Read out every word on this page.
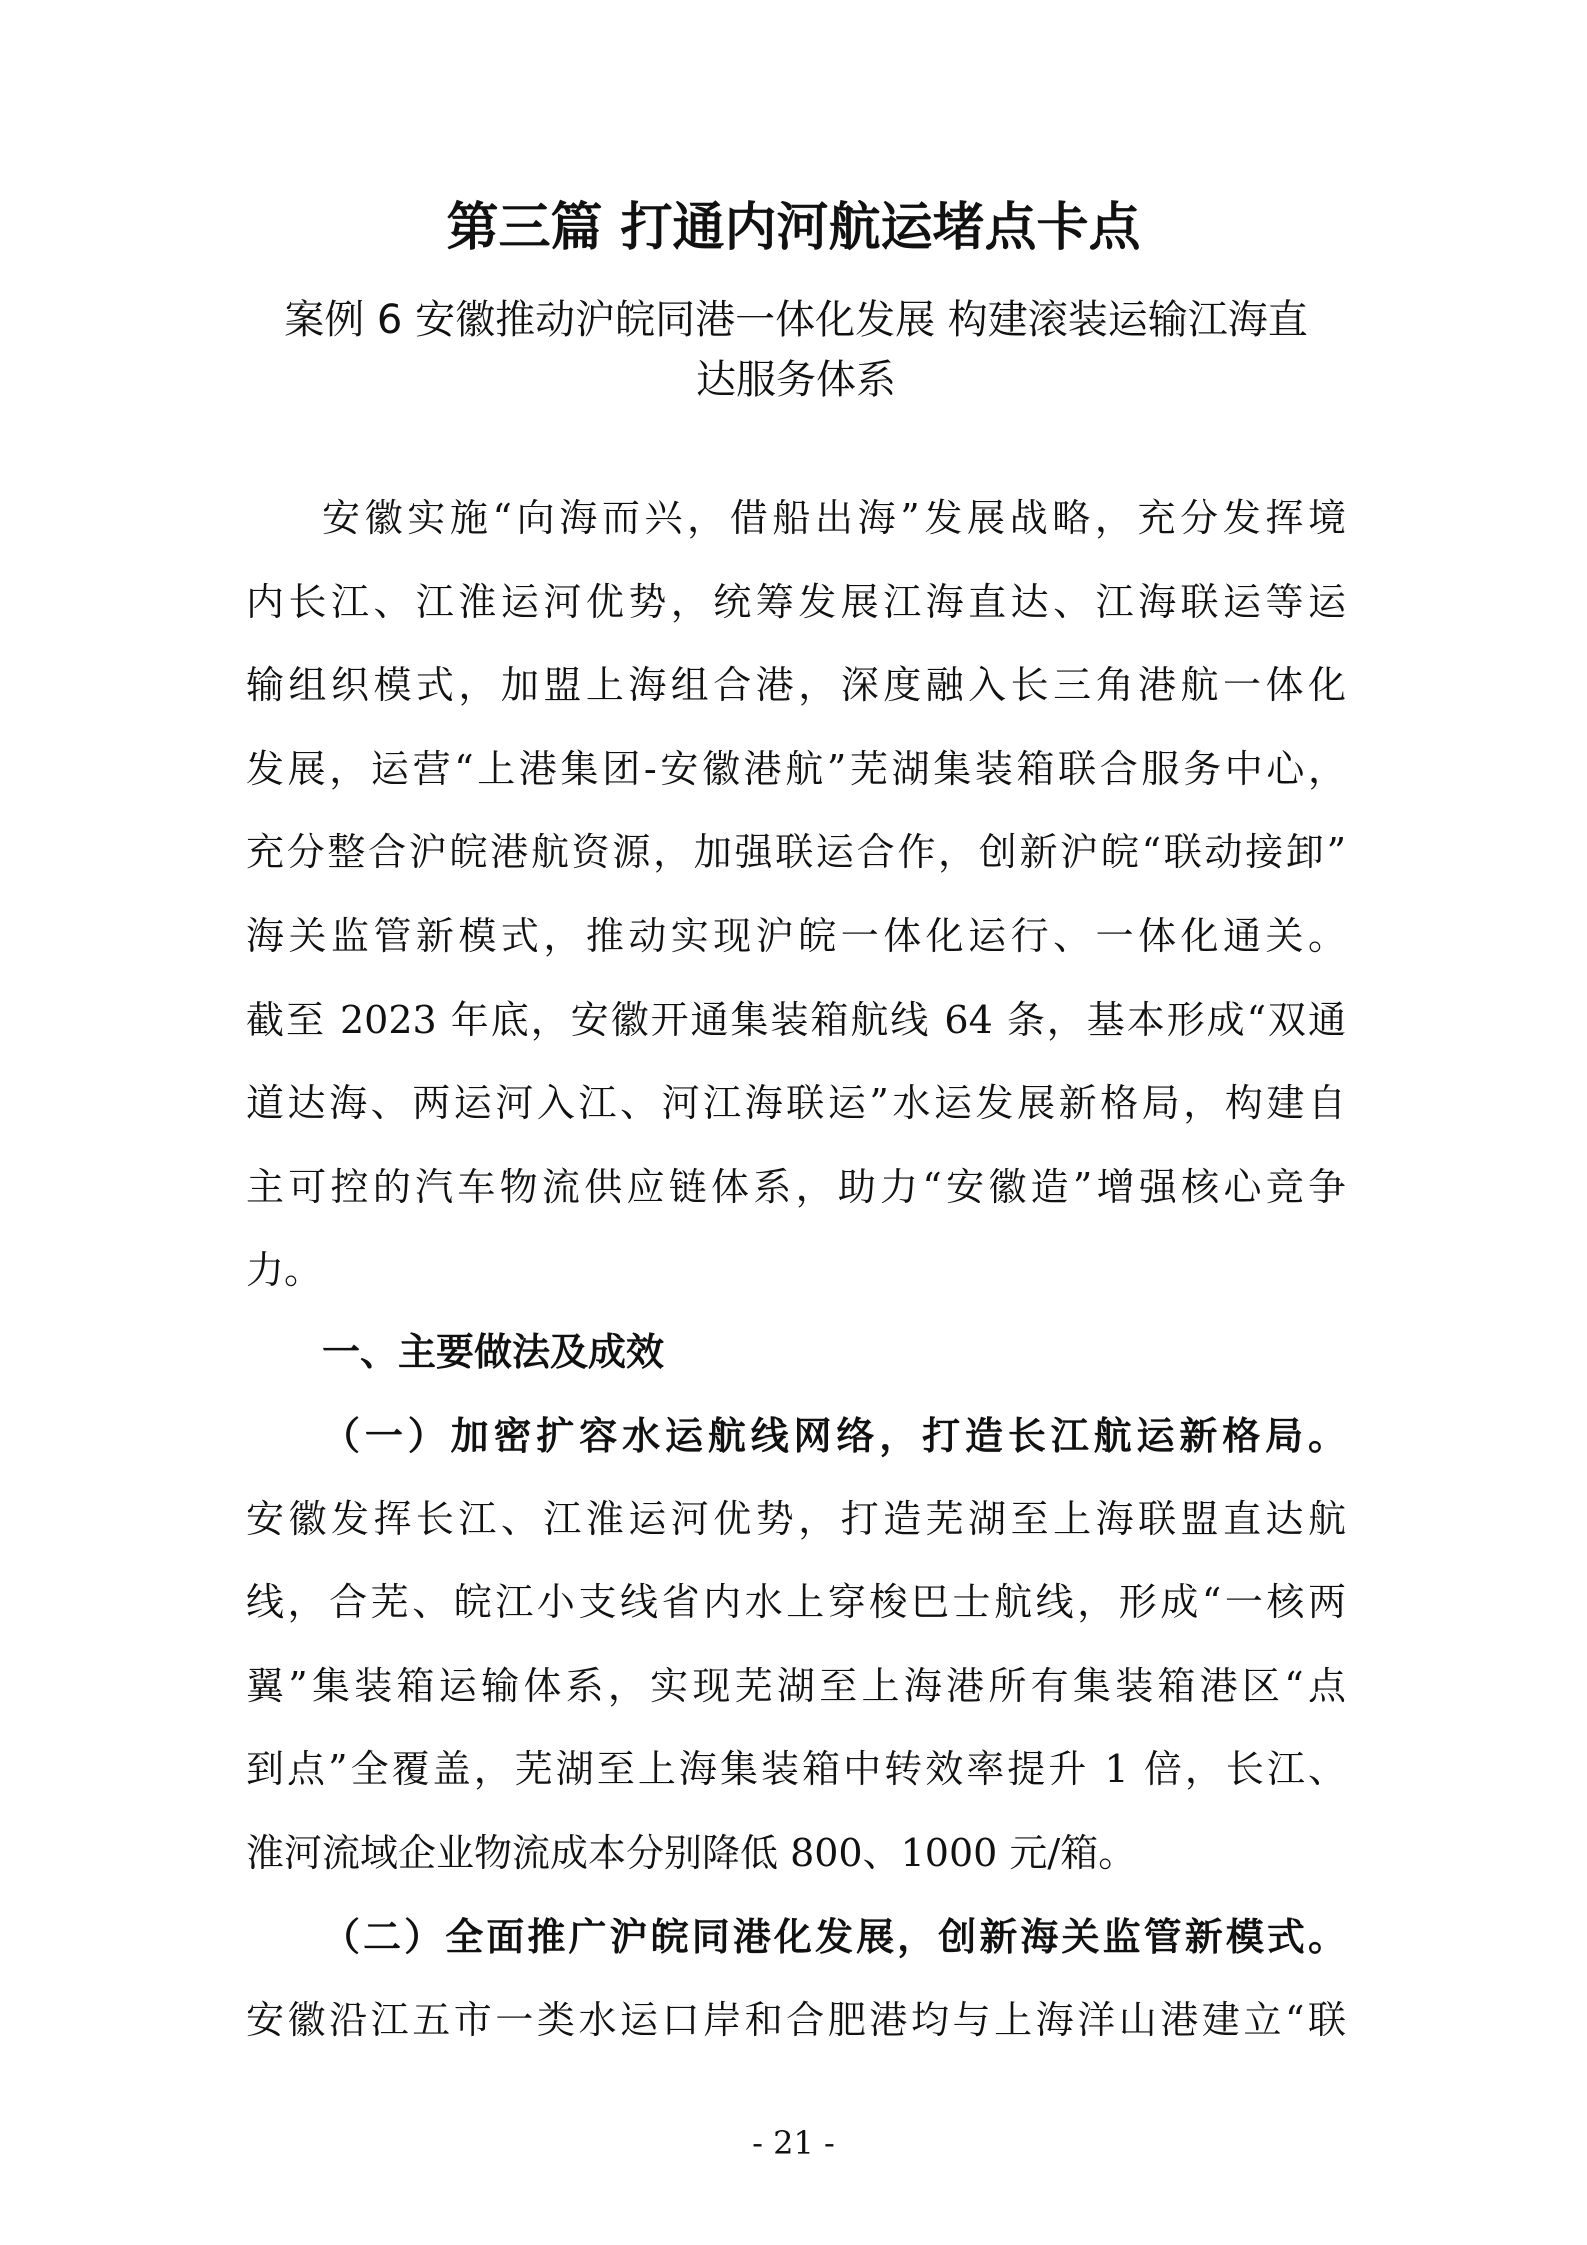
第三篇 打通内河航运堵点卡点
案例 6 安徽推动沪皖同港一体化发展 构建滚装运输江海直
达服务体系
安徽实施“向海而兴，借船出海”发展战略，充分发挥境
内长江、江淮运河优势，统筹发展江海直达、江海联运等运
输组织模式，加盟上海组合港，深度融入长三角港航一体化
发展，运营“上港集团-安徽港航”芜湖集装箱联合服务中心，
充分整合沪皖港航资源，加强联运合作，创新沪皖“联动接卸”
海关监管新模式，推动实现沪皖一体化运行、一体化通关。
截至 2023 年底，安徽开通集装箱航线 64 条，基本形成“双通
道达海、两运河入江、河江海联运”水运发展新格局，构建自
主可控的汽车物流供应链体系，助力“安徽造”增强核心竞争
力。
一、主要做法及成效
（一）加密扩容水运航线网络，打造长江航运新格局。
安徽发挥长江、江淮运河优势，打造芜湖至上海联盟直达航
线，合芜、皖江小支线省内水上穿梭巴士航线，形成“一核两
翼”集装箱运输体系，实现芜湖至上海港所有集装箱港区“点
到点”全覆盖，芜湖至上海集装箱中转效率提升 1 倍，长江、
淮河流域企业物流成本分别降低 800、1000 元/箱。
（二）全面推广沪皖同港化发展，创新海关监管新模式。
安徽沿江五市一类水运口岸和合肥港均与上海洋山港建立“联
- 21 -
